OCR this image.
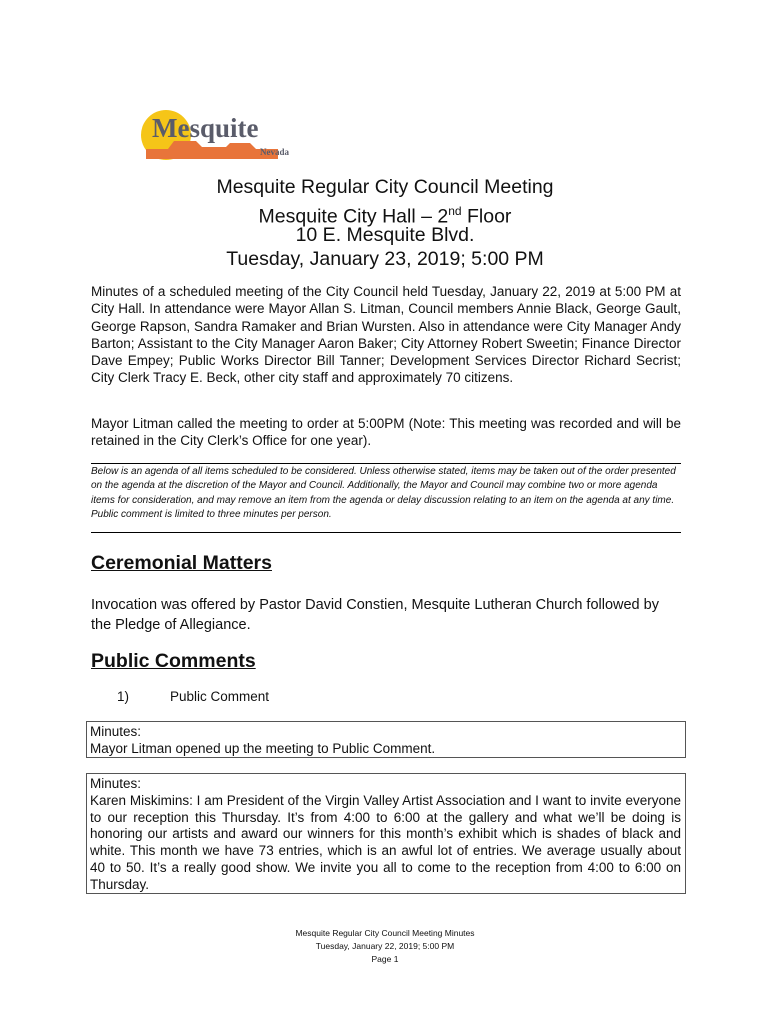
Mesquite
Nevada
Mesquite Regular City Council Meeting
Mesquite City Hall – 2nd Floor
10 E. Mesquite Blvd.
Tuesday, January 23, 2019; 5:00 PM

Minutes of a scheduled meeting of the City Council held Tuesday, January 22, 2019 at 5:00 PM at City Hall. In attendance were Mayor Allan S. Litman, Council members Annie Black, George Gault, George Rapson, Sandra Ramaker and Brian Wursten. Also in attendance were City Manager Andy Barton; Assistant to the City Manager Aaron Baker; City Attorney Robert Sweetin; Finance Director Dave Empey; Public Works Director Bill Tanner; Development Services Director Richard Secrist; City Clerk Tracy E. Beck, other city staff and approximately 70 citizens.

Mayor Litman called the meeting to order at 5:00PM (Note: This meeting was recorded and will be retained in the City Clerk’s Office for one year).

Below is an agenda of all items scheduled to be considered. Unless otherwise stated, items may be taken out of the order presented on the agenda at the discretion of the Mayor and Council. Additionally, the Mayor and Council may combine two or more agenda items for consideration, and may remove an item from the agenda or delay discussion relating to an item on the agenda at any time. Public comment is limited to three minutes per person.
Ceremonial Matters

Invocation was offered by Pastor David Constien, Mesquite Lutheran Church followed by the Pledge of Allegiance.

Public Comments
1)	Public Comment

Minutes:

Mayor Litman opened up the meeting to Public Comment.

Minutes:

Karen Miskimins: I am President of the Virgin Valley Artist Association and I want to invite everyone to our reception this Thursday. It’s from 4:00 to 6:00 at the gallery and what we’ll be doing is honoring our artists and award our winners for this month’s exhibit which is shades of black and white. This month we have 73 entries, which is an awful lot of entries. We average usually about 40 to 50. It’s a really good show. We invite you all to come to the reception from 4:00 to 6:00 on Thursday.

Mesquite Regular City Council Meeting Minutes
Tuesday, January 22, 2019; 5:00 PM
Page 1
